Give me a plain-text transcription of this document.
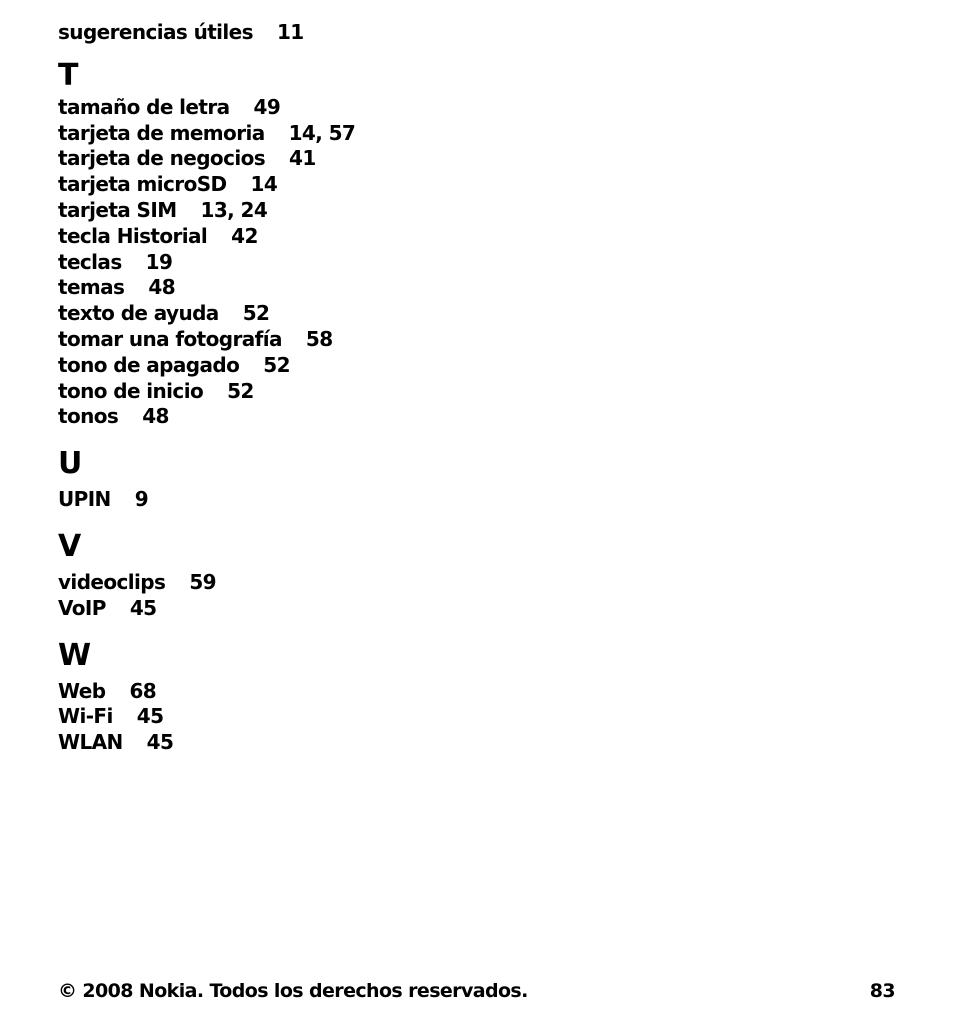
sugerencias útiles 11
T
tamaño de letra 49
tarjeta de memoria 14, 57
tarjeta de negocios 41
tarjeta microSD 14
tarjeta SIM 13, 24
tecla Historial 42
teclas 19
temas 48
texto de ayuda 52
tomar una fotografía 58
tono de apagado 52
tono de inicio 52
tonos 48
U
UPIN 9
V
videoclips 59
VoIP 45
W
Web 68
Wi-Fi 45
WLAN 45
© 2008 Nokia. Todos los derechos reservados.	83
